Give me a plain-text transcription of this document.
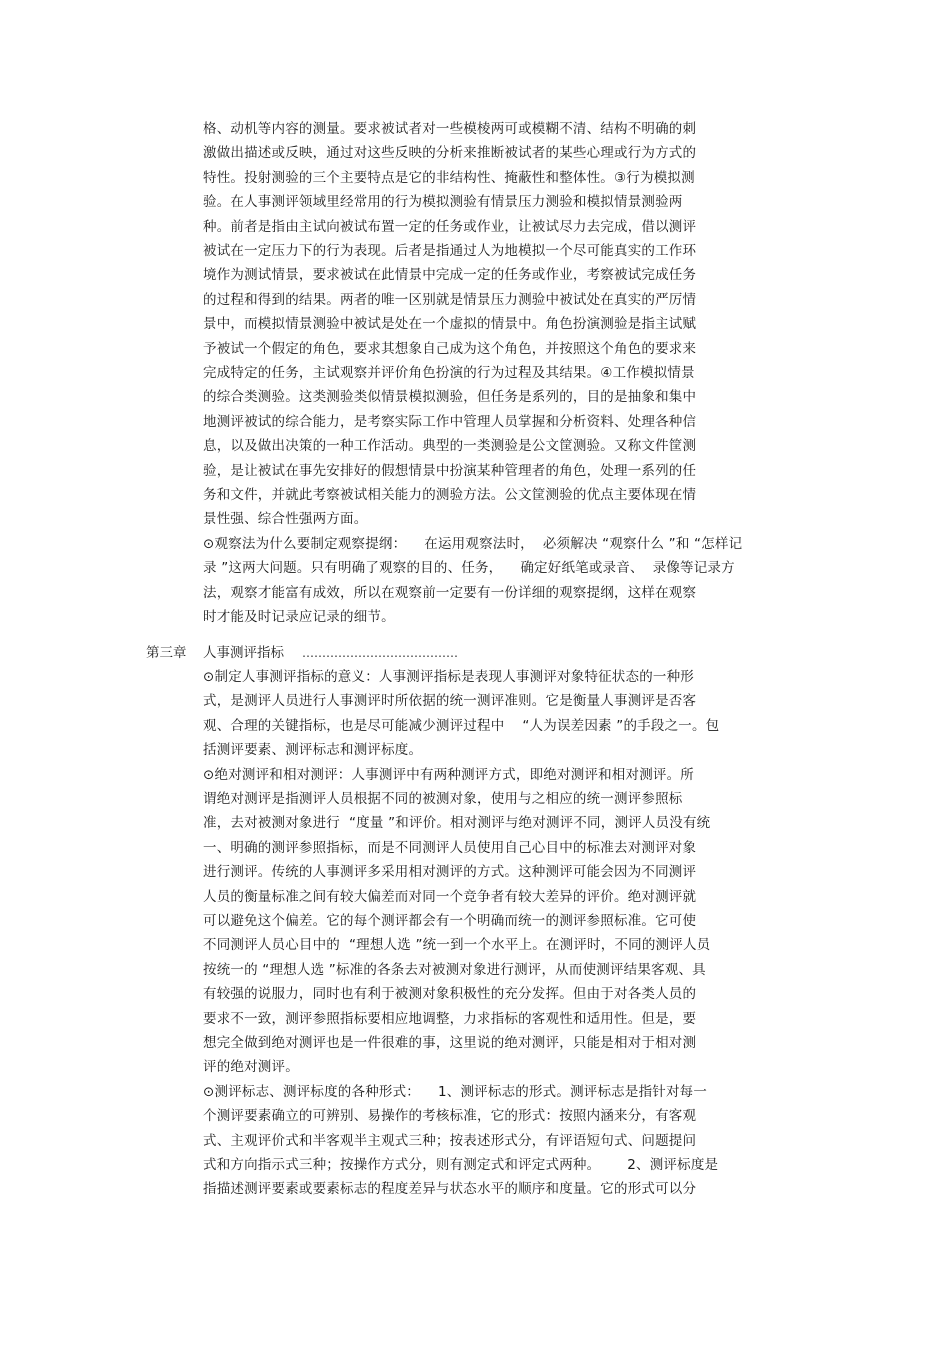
格、动机等内容的测量。要求被试者对一些模棱两可或模糊不清、结构不明确的刺
激做出描述或反映，通过对这些反映的分析来推断被试者的某些心理或行为方式的
特性。投射测验的三个主要特点是它的非结构性、掩蔽性和整体性。③行为模拟测
验。在人事测评领域里经常用的行为模拟测验有情景压力测验和模拟情景测验两
种。前者是指由主试向被试布置一定的任务或作业，让被试尽力去完成，借以测评
被试在一定压力下的行为表现。后者是指通过人为地模拟一个尽可能真实的工作环
境作为测试情景，要求被试在此情景中完成一定的任务或作业，考察被试完成任务
的过程和得到的结果。两者的唯一区别就是情景压力测验中被试处在真实的严厉情
景中，而模拟情景测验中被试是处在一个虚拟的情景中。角色扮演测验是指主试赋
予被试一个假定的角色，要求其想象自己成为这个角色，并按照这个角色的要求来
完成特定的任务，主试观察并评价角色扮演的行为过程及其结果。④工作模拟情景
的综合类测验。这类测验类似情景模拟测验，但任务是系列的，目的是抽象和集中
地测评被试的综合能力，是考察实际工作中管理人员掌握和分析资料、处理各种信
息，以及做出决策的一种工作活动。典型的一类测验是公文筐测验。又称文件筐测
验，是让被试在事先安排好的假想情景中扮演某种管理者的角色，处理一系列的任
务和文件，并就此考察被试相关能力的测验方法。公文筐测验的优点主要体现在情
景性强、综合性强两方面。
⊙观察法为什么要制定观察提纲：    在运用观察法时，  必须解决 “观察什么 ”和 “怎样记
录 ”这两大问题。只有明确了观察的目的、任务，    确定好纸笔或录音、  录像等记录方
法，观察才能富有成效，所以在观察前一定要有一份详细的观察提纲，这样在观察
时才能及时记录应记录的细节。
第三章 人事测评指标 …………………………………
⊙制定人事测评指标的意义：人事测评指标是表现人事测评对象特征状态的一种形
式，是测评人员进行人事测评时所依据的统一测评准则。它是衡量人事测评是否客
观、合理的关键指标，也是尽可能减少测评过程中    “人为误差因素 ”的手段之一。包
括测评要素、测评标志和测评标度。
⊙绝对测评和相对测评：人事测评中有两种测评方式，即绝对测评和相对测评。所
谓绝对测评是指测评人员根据不同的被测对象，使用与之相应的统一测评参照标
准，去对被测对象进行  “度量 ”和评价。相对测评与绝对测评不同，测评人员没有统
一、明确的测评参照指标，而是不同测评人员使用自己心目中的标准去对测评对象
进行测评。传统的人事测评多采用相对测评的方式。这种测评可能会因为不同测评
人员的衡量标准之间有较大偏差而对同一个竞争者有较大差异的评价。绝对测评就
可以避免这个偏差。它的每个测评都会有一个明确而统一的测评参照标准。它可使
不同测评人员心目中的  “理想人选 ”统一到一个水平上。在测评时，不同的测评人员
按统一的 “理想人选 ”标准的各条去对被测对象进行测评，从而使测评结果客观、具
有较强的说服力，同时也有利于被测对象积极性的充分发挥。但由于对各类人员的
要求不一致，测评参照指标要相应地调整，力求指标的客观性和适用性。但是，要
想完全做到绝对测评也是一件很难的事，这里说的绝对测评，只能是相对于相对测
评的绝对测评。
⊙测评标志、测评标度的各种形式：    1、测评标志的形式。测评标志是指针对每一
个测评要素确立的可辨别、易操作的考核标准，它的形式：按照内涵来分，有客观
式、主观评价式和半客观半主观式三种；按表述形式分，有评语短句式、问题提问
式和方向指示式三种；按操作方式分，则有测定式和评定式两种。      2、测评标度是
指描述测评要素或要素标志的程度差异与状态水平的顺序和度量。它的形式可以分
